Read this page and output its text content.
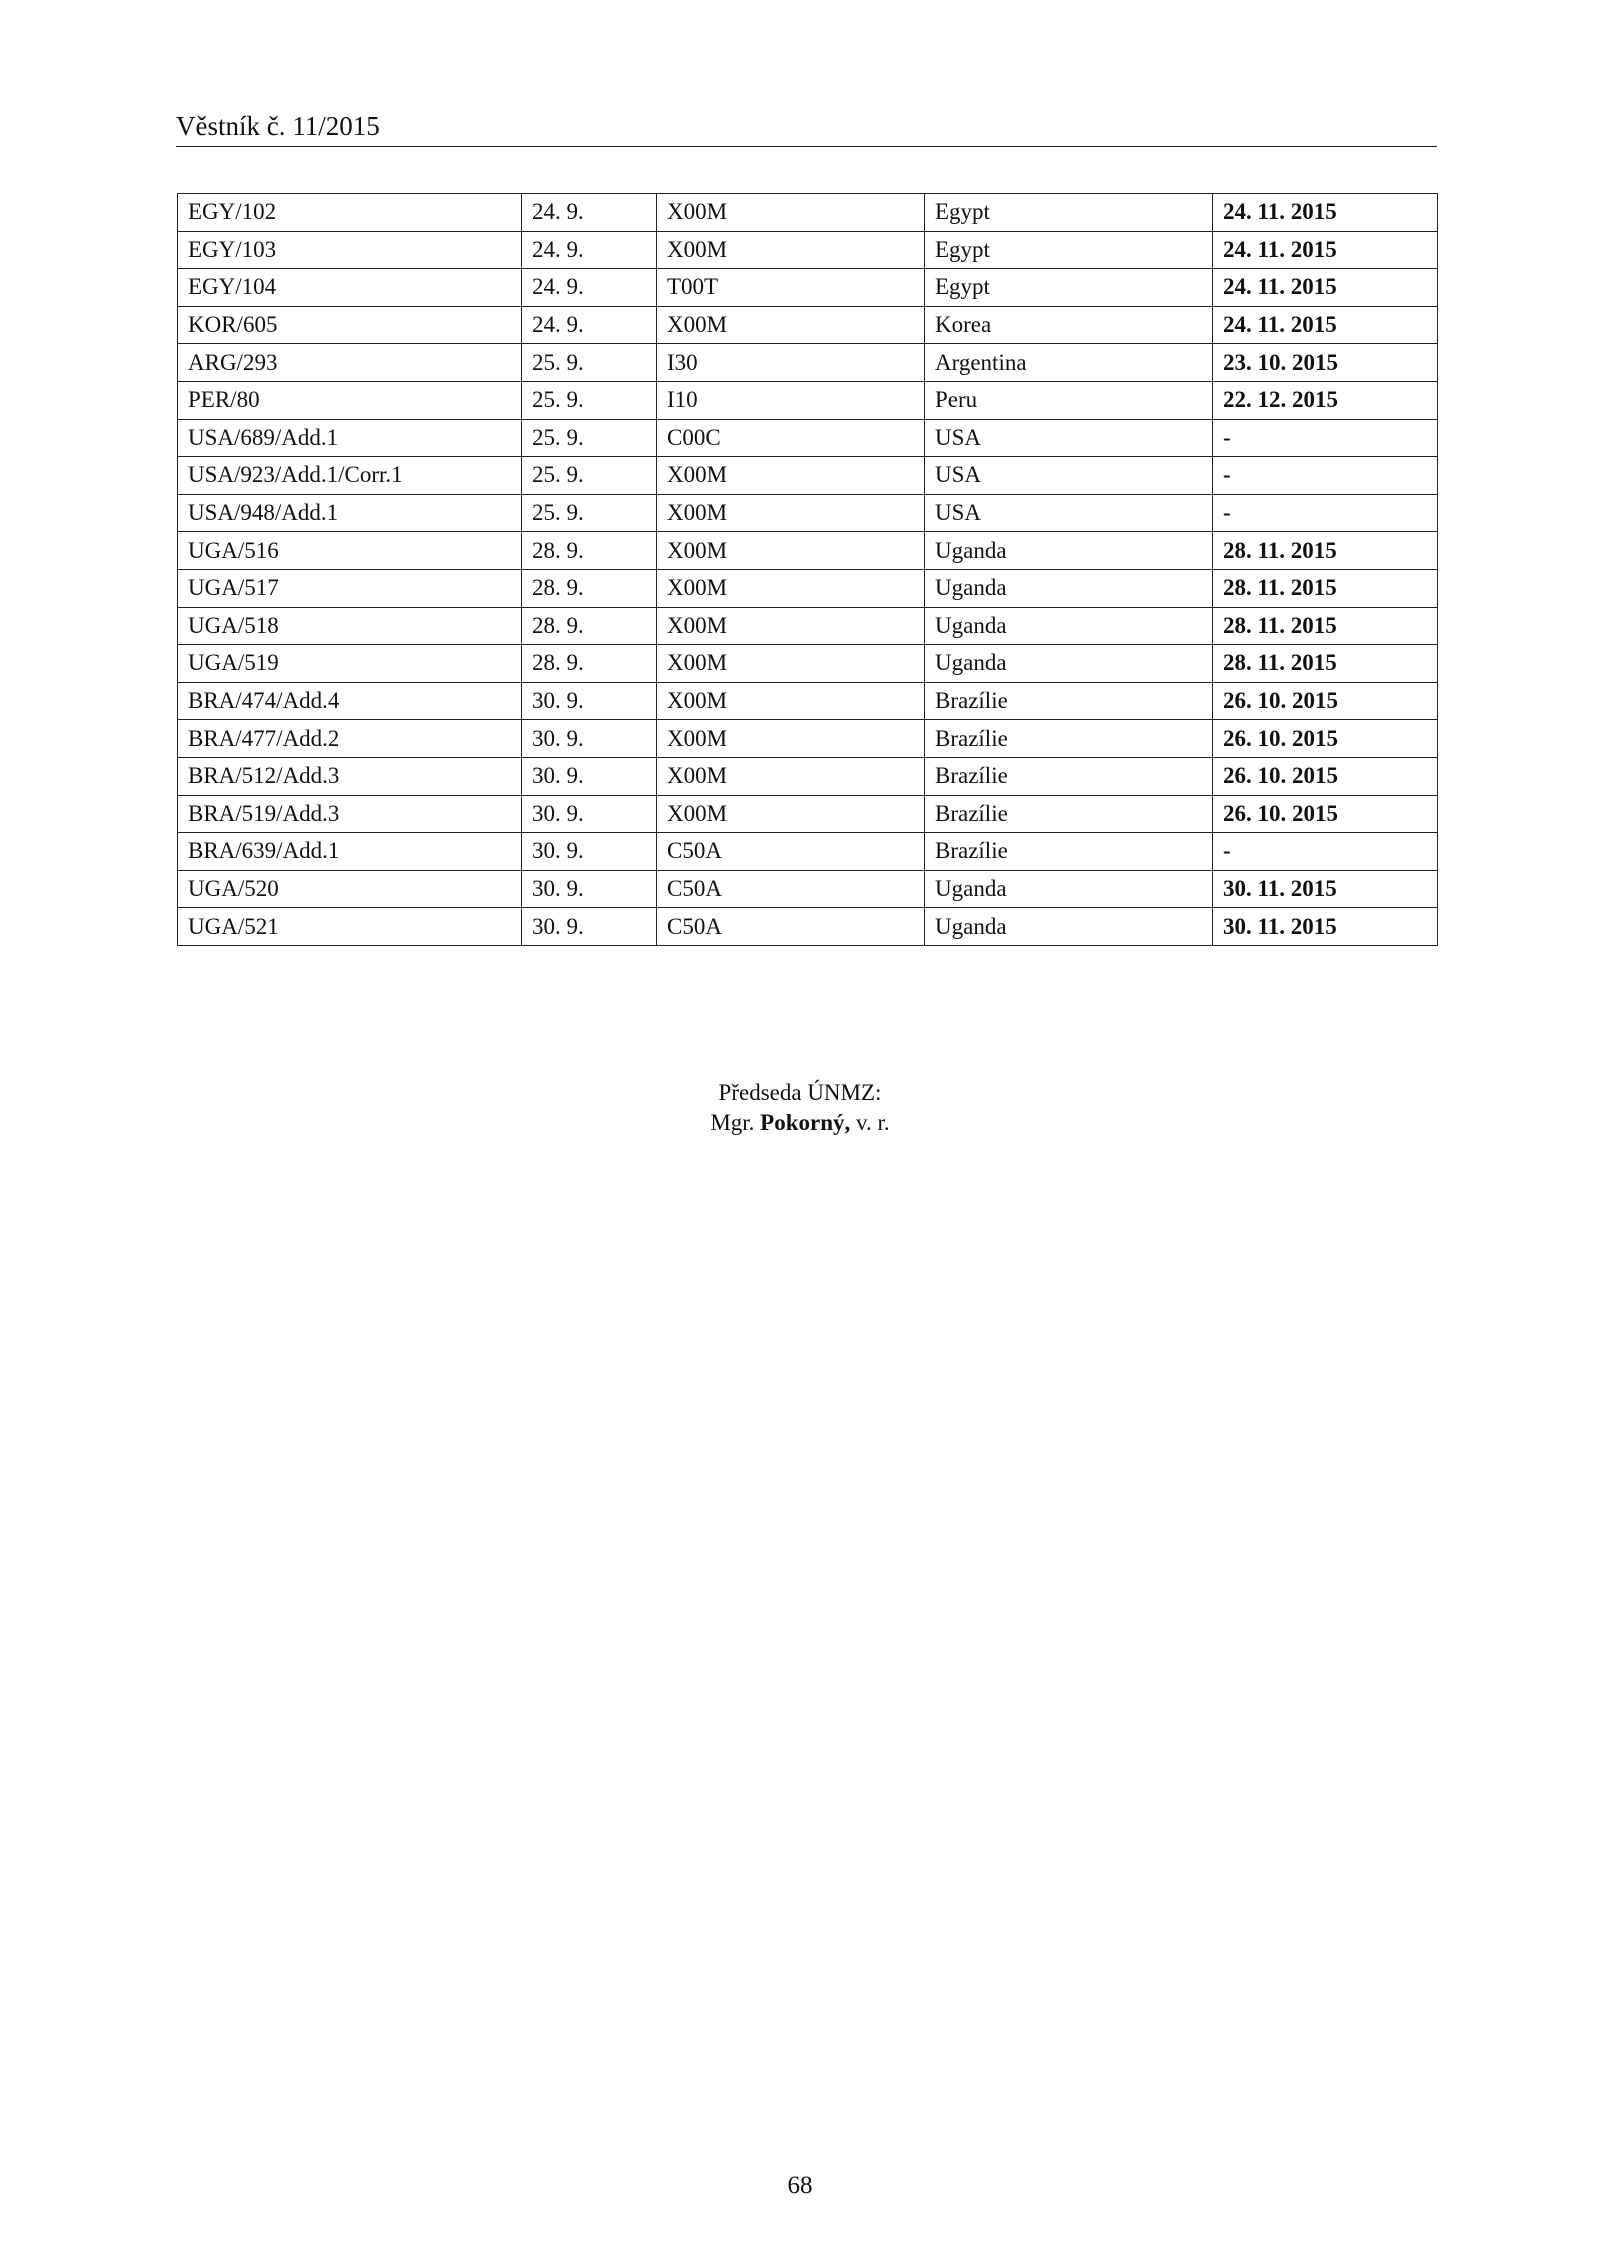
Věstník č. 11/2015
EGY/102	24. 9.	X00M	Egypt	24. 11. 2015
EGY/103	24. 9.	X00M	Egypt	24. 11. 2015
EGY/104	24. 9.	T00T	Egypt	24. 11. 2015
KOR/605	24. 9.	X00M	Korea	24. 11. 2015
ARG/293	25. 9.	I30	Argentina	23. 10. 2015
PER/80	25. 9.	I10	Peru	22. 12. 2015
USA/689/Add.1	25. 9.	C00C	USA	-
USA/923/Add.1/Corr.1	25. 9.	X00M	USA	-
USA/948/Add.1	25. 9.	X00M	USA	-
UGA/516	28. 9.	X00M	Uganda	28. 11. 2015
UGA/517	28. 9.	X00M	Uganda	28. 11. 2015
UGA/518	28. 9.	X00M	Uganda	28. 11. 2015
UGA/519	28. 9.	X00M	Uganda	28. 11. 2015
BRA/474/Add.4	30. 9.	X00M	Brazílie	26. 10. 2015
BRA/477/Add.2	30. 9.	X00M	Brazílie	26. 10. 2015
BRA/512/Add.3	30. 9.	X00M	Brazílie	26. 10. 2015
BRA/519/Add.3	30. 9.	X00M	Brazílie	26. 10. 2015
BRA/639/Add.1	30. 9.	C50A	Brazílie	-
UGA/520	30. 9.	C50A	Uganda	30. 11. 2015
UGA/521	30. 9.	C50A	Uganda	30. 11. 2015
Předseda ÚNMZ:
Mgr. Pokorný, v. r.
68
